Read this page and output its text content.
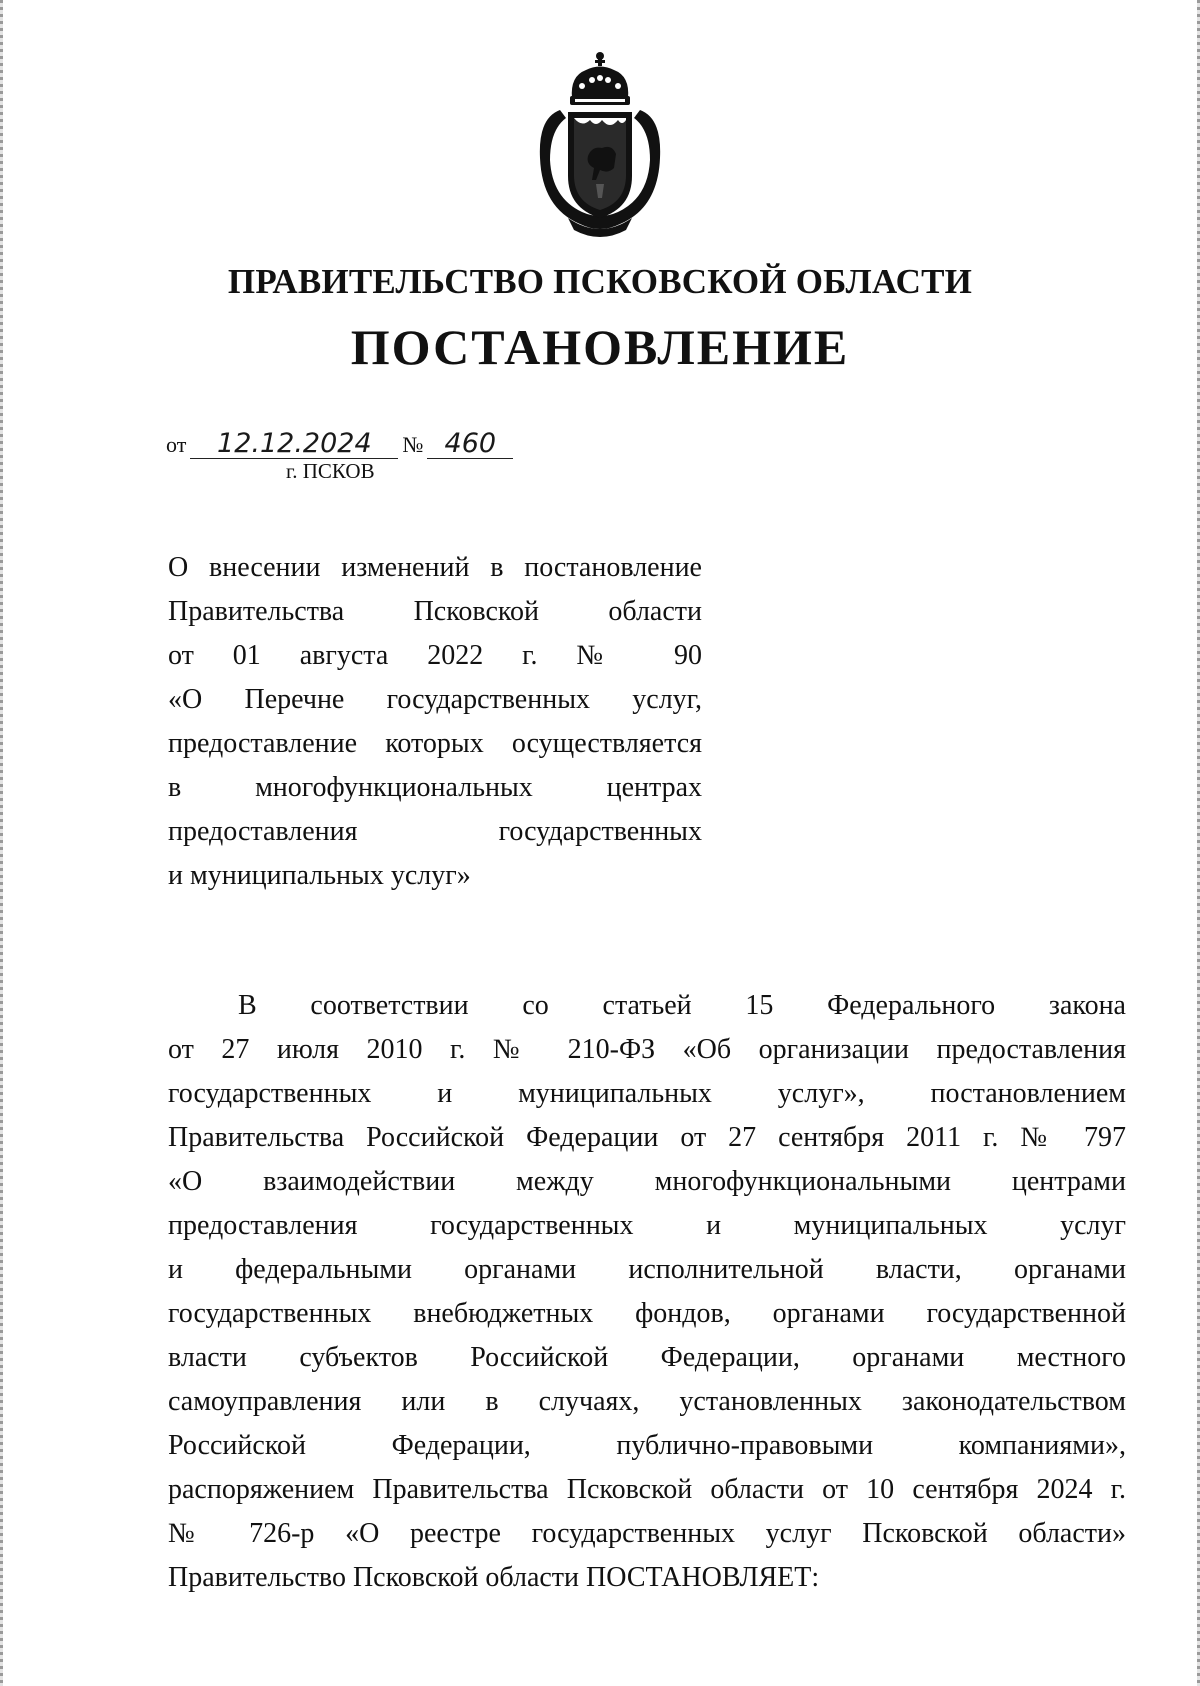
ПРАВИТЕЛЬСТВО ПСКОВСКОЙ ОБЛАСТИ
ПОСТАНОВЛЕНИЕ
от 12.12.2024 № 460
г. ПСКОВ
О внесении изменений в постановление
Правительства Псковской области
от 01 августа 2022 г. № 90
«О Перечне государственных услуг,
предоставление которых осуществляется
в многофункциональных центрах
предоставления государственных
и муниципальных услуг»
В соответствии со статьей 15 Федерального закона
от 27 июля 2010 г. № 210-ФЗ «Об организации предоставления
государственных и муниципальных услуг», постановлением
Правительства Российской Федерации от 27 сентября 2011 г. № 797
«О взаимодействии между многофункциональными центрами
предоставления государственных и муниципальных услуг
и федеральными органами исполнительной власти, органами
государственных внебюджетных фондов, органами государственной
власти субъектов Российской Федерации, органами местного
самоуправления или в случаях, установленных законодательством
Российской Федерации, публично-правовыми компаниями»,
распоряжением Правительства Псковской области от 10 сентября 2024 г.
№ 726-р «О реестре государственных услуг Псковской области»
Правительство Псковской области ПОСТАНОВЛЯЕТ:
